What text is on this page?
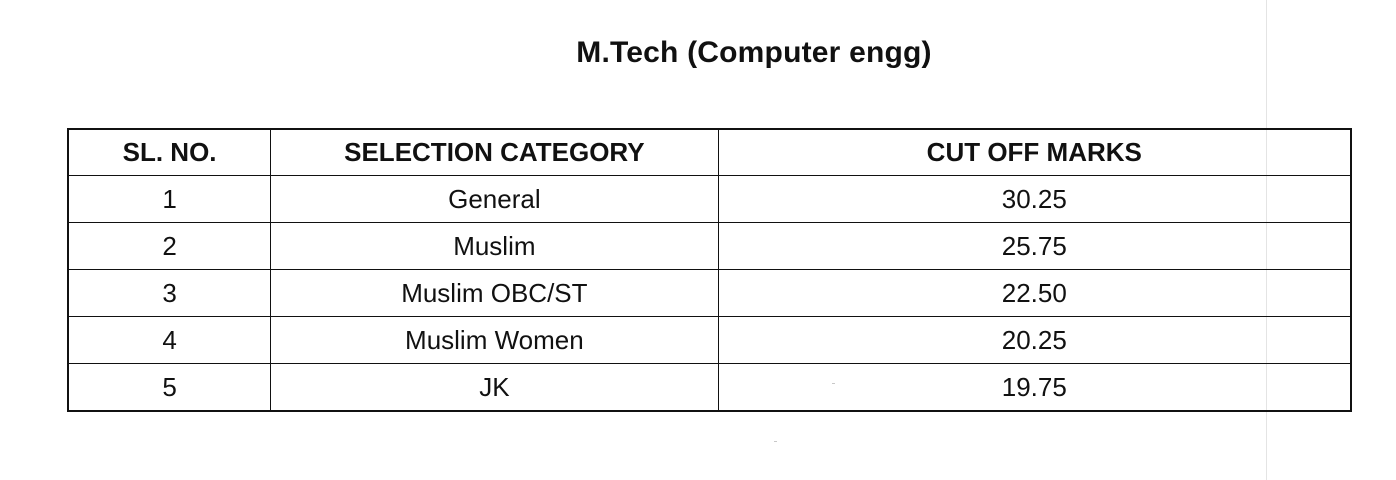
M.Tech (Computer engg)
SL. NO.	SELECTION CATEGORY	CUT OFF MARKS
1	General	30.25
2	Muslim	25.75
3	Muslim OBC/ST	22.50
4	Muslim Women	20.25
5	JK	19.75
